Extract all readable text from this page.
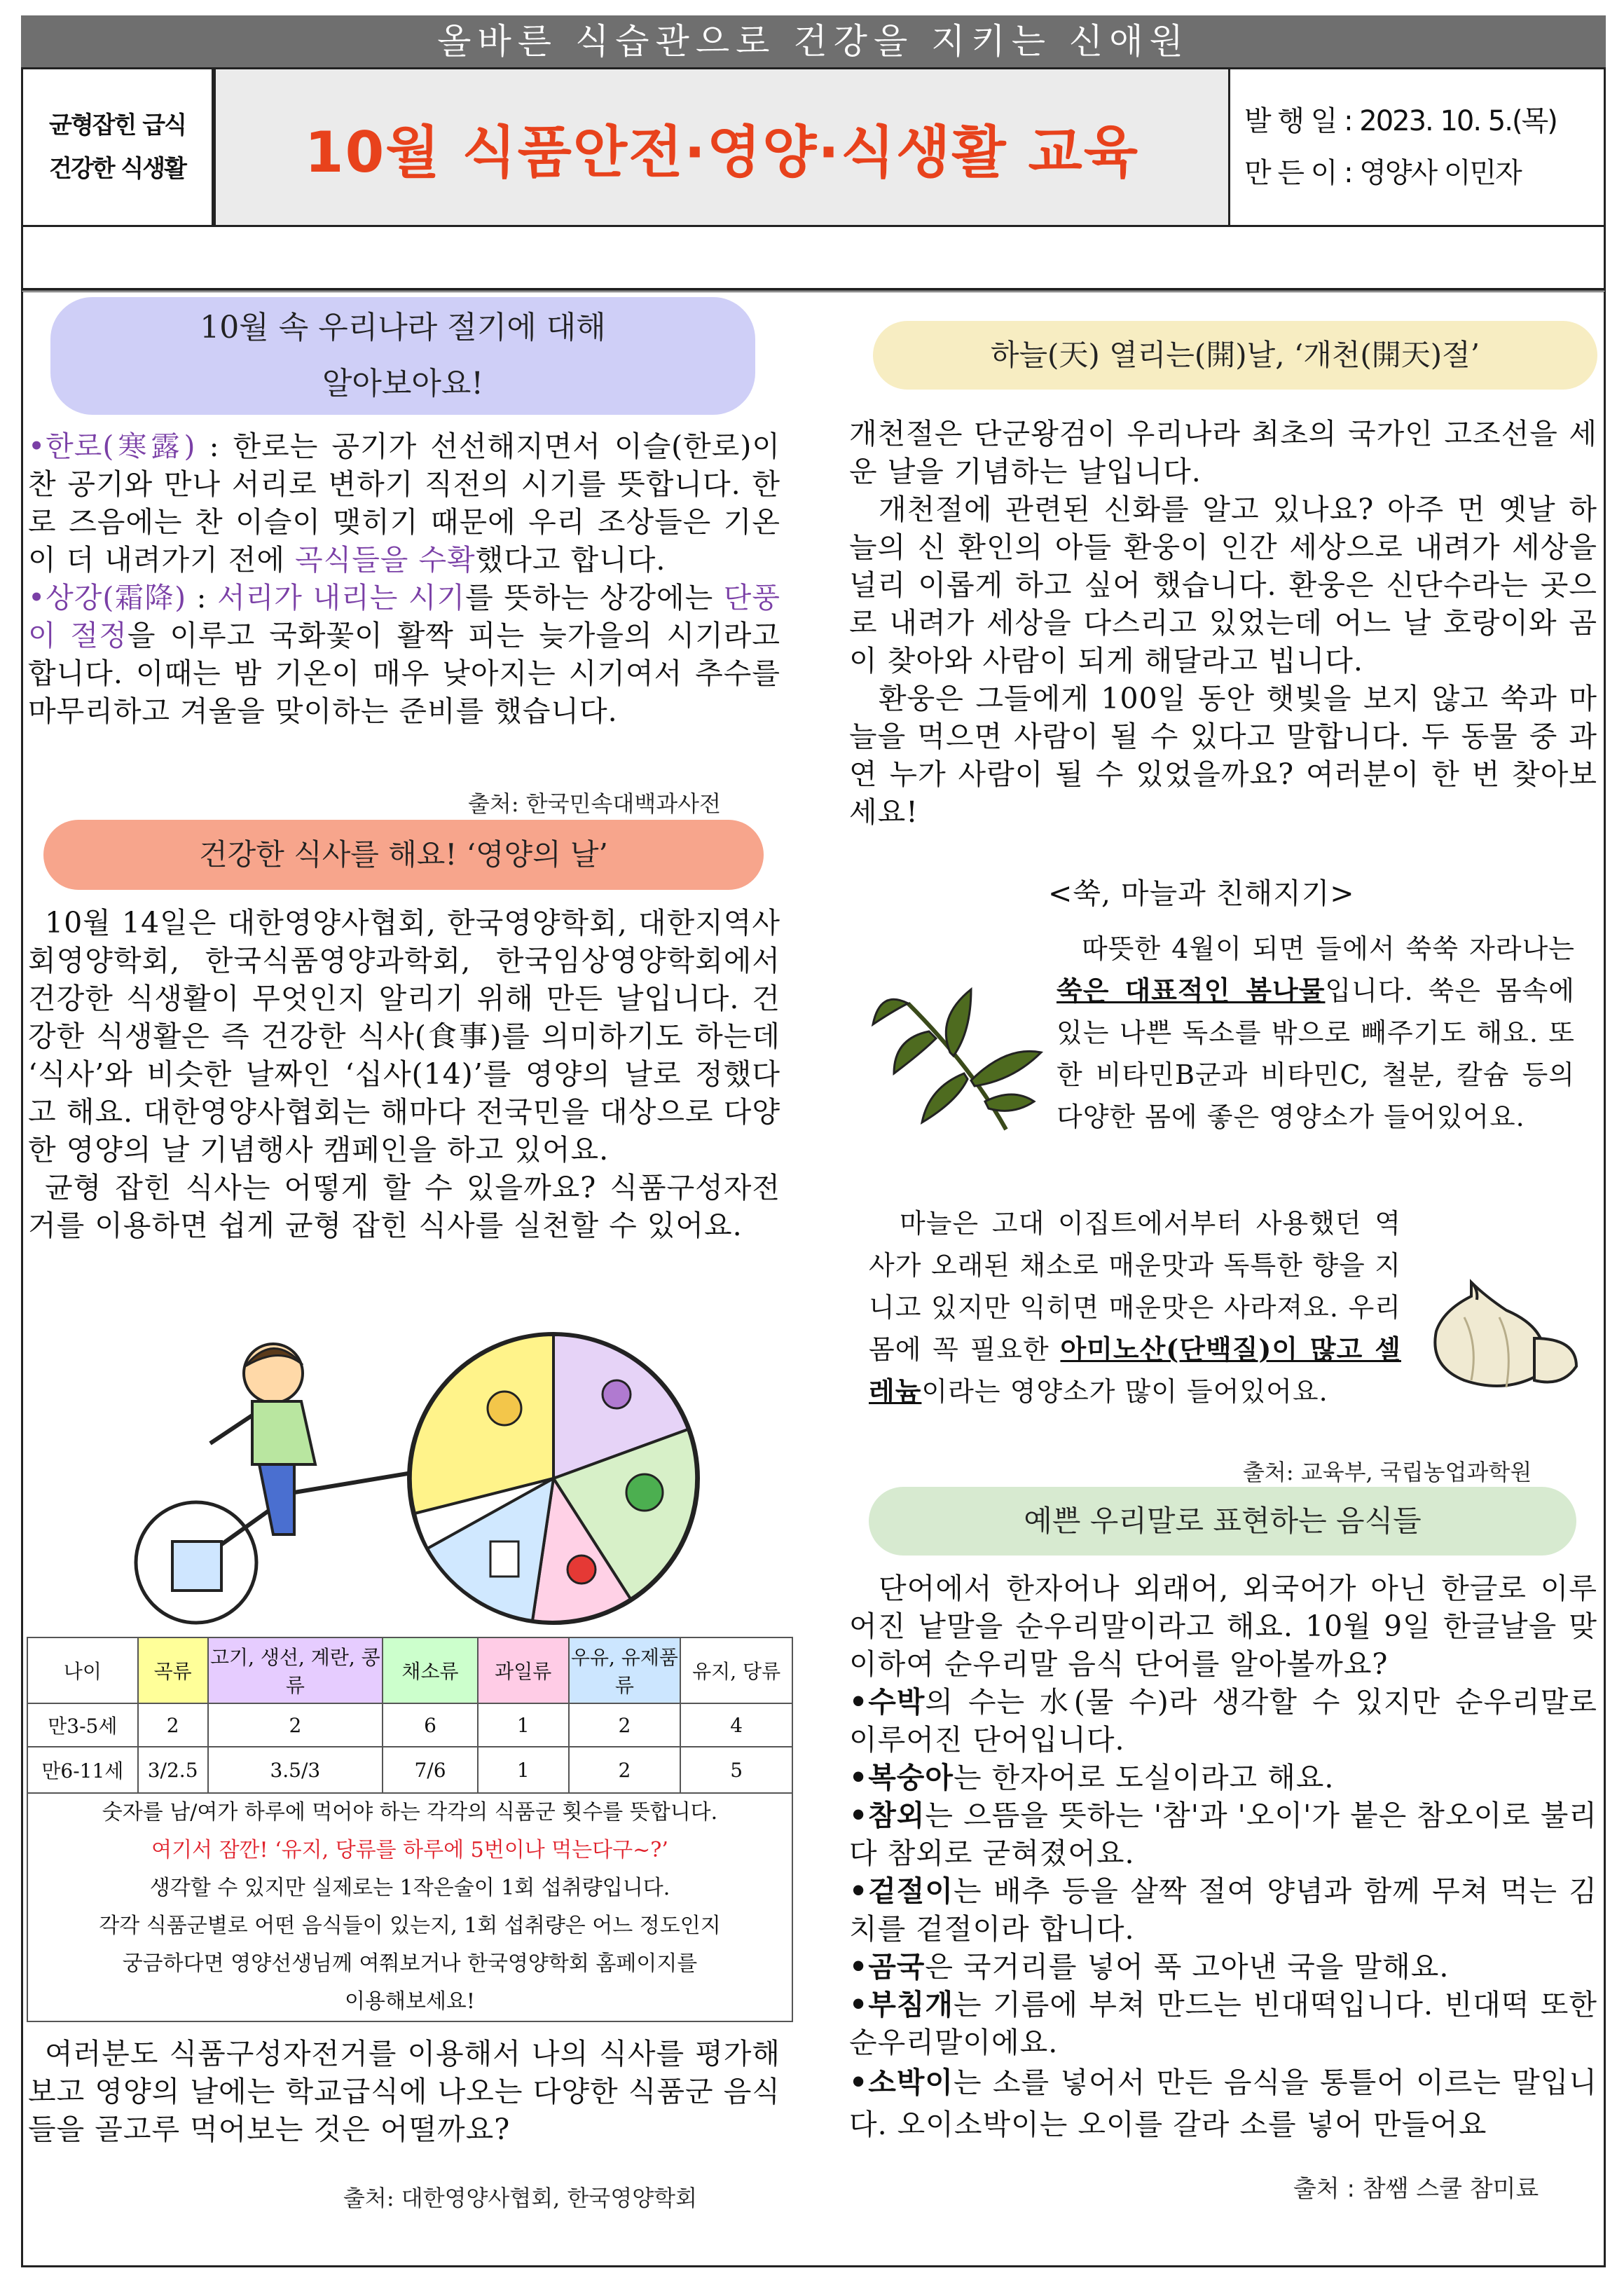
올바른 식습관으로 건강을 지키는 신애원
균형잡힌 급식
건강한 식생활	10월 식품안전·영양·식생활 교육	발 행 일 : 2023. 10. 5.(목)
만 든 이 : 영양사 이민자
10월 속 우리나라 절기에 대해
알아보아요!

•한로(寒露) : 한로는 공기가 선선해지면서 이슬(한로)이 찬 공기와 만나 서리로 변하기 직전의 시기를 뜻합니다. 한로 즈음에는 찬 이슬이 맺히기 때문에 우리 조상들은 기온이 더 내려가기 전에 곡식들을 수확했다고 합니다.

•상강(霜降) : 서리가 내리는 시기를 뜻하는 상강에는 단풍이 절정을 이루고 국화꽃이 활짝 피는 늦가을의 시기라고 합니다. 이때는 밤 기온이 매우 낮아지는 시기여서 추수를 마무리하고 겨울을 맞이하는 준비를 했습니다.

출처: 한국민속대백과사전
건강한 식사를 해요! ‘영양의 날’

10월 14일은 대한영양사협회, 한국영양학회, 대한지역사회영양학회, 한국식품영양과학회, 한국임상영양학회에서 건강한 식생활이 무엇인지 알리기 위해 만든 날입니다. 건강한 식생활은 즉 건강한 식사(食事)를 의미하기도 하는데 ‘식사’와 비슷한 날짜인 ‘십사(14)’를 영양의 날로 정했다고 해요. 대한영양사협회는 해마다 전국민을 대상으로 다양한 영양의 날 기념행사 캠페인을 하고 있어요.

균형 잡힌 식사는 어떻게 할 수 있을까요? 식품구성자전거를 이용하면 쉽게 균형 잡힌 식사를 실천할 수 있어요.

나이	곡류	고기, 생선, 계란, 콩류	채소류	과일류	우유, 유제품류	유지, 당류
만3-5세	2	2	6	1	2	4
만6-11세	3/2.5	3.5/3	7/6	1	2	5
숫자를 남/여가 하루에 먹어야 하는 각각의 식품군 횟수를 뜻합니다.
여기서 잠깐! ‘유지, 당류를 하루에 5번이나 먹는다구~?’
생각할 수 있지만 실제로는 1작은술이 1회 섭취량입니다.
각각 식품군별로 어떤 음식들이 있는지, 1회 섭취량은 어느 정도인지
궁금하다면 영양선생님께 여쭤보거나 한국영양학회 홈페이지를
이용해보세요!
여러분도 식품구성자전거를 이용해서 나의 식사를 평가해보고 영양의 날에는 학교급식에 나오는 다양한 식품군 음식들을 골고루 먹어보는 것은 어떨까요?
출처: 대한영양사협회, 한국영양학회
하늘(天) 열리는(開)날, ‘개천(開天)절’

개천절은 단군왕검이 우리나라 최초의 국가인 고조선을 세운 날을 기념하는 날입니다.

개천절에 관련된 신화를 알고 있나요? 아주 먼 옛날 하늘의 신 환인의 아들 환웅이 인간 세상으로 내려가 세상을 널리 이롭게 하고 싶어 했습니다. 환웅은 신단수라는 곳으로 내려가 세상을 다스리고 있었는데 어느 날 호랑이와 곰이 찾아와 사람이 되게 해달라고 빕니다.

환웅은 그들에게 100일 동안 햇빛을 보지 않고 쑥과 마늘을 먹으면 사람이 될 수 있다고 말합니다. 두 동물 중 과연 누가 사람이 될 수 있었을까요? 여러분이 한 번 찾아보세요!

<쑥, 마늘과 친해지기>
따뜻한 4월이 되면 들에서 쑥쑥 자라나는 쑥은 대표적인 봄나물입니다. 쑥은 몸속에 있는 나쁜 독소를 밖으로 빼주기도 해요. 또한 비타민B군과 비타민C, 철분, 칼슘 등의 다양한 몸에 좋은 영양소가 들어있어요.
마늘은 고대 이집트에서부터 사용했던 역사가 오래된 채소로 매운맛과 독특한 향을 지니고 있지만 익히면 매운맛은 사라져요. 우리 몸에 꼭 필요한 아미노산(단백질)이 많고 셀레늄이라는 영양소가 많이 들어있어요.
출처: 교육부, 국립농업과학원
예쁜 우리말로 표현하는 음식들

단어에서 한자어나 외래어, 외국어가 아닌 한글로 이루어진 낱말을 순우리말이라고 해요. 10월 9일 한글날을 맞이하여 순우리말 음식 단어를 알아볼까요?

•수박의 수는 水(물 수)라 생각할 수 있지만 순우리말로 이루어진 단어입니다.

•복숭아는 한자어로 도실이라고 해요.

•참외는 으뜸을 뜻하는 '참'과 '오이'가 붙은 참오이로 불리다 참외로 굳혀졌어요.

•겉절이는 배추 등을 살짝 절여 양념과 함께 무쳐 먹는 김치를 겉절이라 합니다.

•곰국은 국거리를 넣어 푹 고아낸 국을 말해요.

•부침개는 기름에 부쳐 만드는 빈대떡입니다. 빈대떡 또한 순우리말이에요.

•소박이는 소를 넣어서 만든 음식을 통틀어 이르는 말입니다. 오이소박이는 오이를 갈라 소를 넣어 만들어요

출처 : 참쌤 스쿨 참미료
